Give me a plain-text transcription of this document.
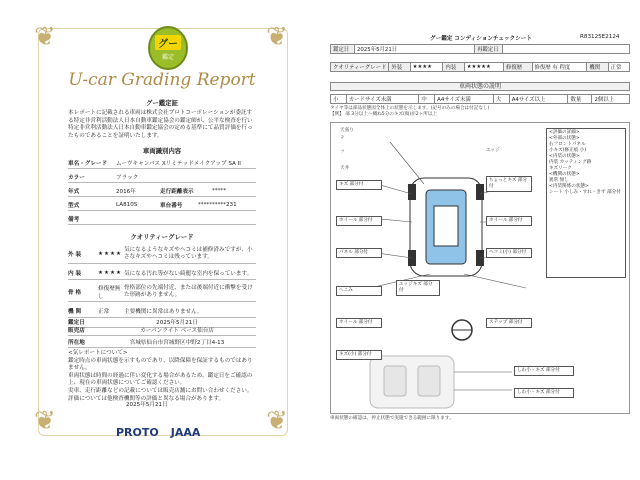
❦	❦
❦	❦
グー
鑑定
U-car Grading Report
グー鑑定証
本レポートに記載される車両は株式会社プロトコーポレーションが委託する特定非営利活動法人日本自動車鑑定協会の鑑定師が、公平な検査を行い特定非営利活動法人日本自動車鑑定協会の定める基準にて品質評価を行ったものであることを証明いたします。
車両識別内容
車名・グレード	ムーヴキャンバス Xリミテッドメイクアップ SA II
カラー	ブラック
年式	2016年	走行距離表示	*****
型式	LA810S	車台番号	**********231
備考
クオリティーグレード
外 装	★★★★
気になるようなキズやヘコミは補修済みですが、小さなキズやヘコミは残っています。
内 装	★★★★ 気になる汚れ等がない綺麗な室内を保っています。
骨 格
修復歴無し
骨格部位の先端付近、または後端付近に衝撃を受けた形跡がありません。
機 関	正常	主要機関に異常はありません。
鑑定日	2025年5月21日
販売店	カーパンライト ベース仙台店
所在地	宮城県仙台市宮城野区中野2丁目4-13
<気レポートについて>
鑑定時点の車両状態を示すものであり、以降保障を保証するものではありません。
車両状態は時間の経過に伴い変化する場合があるため、鑑定日をご確認の上、現在の車両状態についてご確認ください。
実車、走行距離などの記載については販売店舗にお問い合わせください。
評価については他検査機関等の評価と異なる場合があります。
2025年5月21日
PROTO JAAA
グー鑑定 コンディションチェックシート	R83125E2124
鑑定日	2025年5月21日	再鑑定日	
クオリティーグレード	外装	★★★★	内装	★★★★★	修復歴	修復歴 有 程度	機関	正常
車両状態の説明
小	カードサイズ未満	中	A4サイズ未満	大	A4サイズ以上	数量	2個以上
タイヤ等は部品状態図全体上の状態を示します。(記号のみの場合は付記なし)
【例】 部 3分以上〜概ね5分のキズ(傷)が2ヶ所以上
天張り
テ
フ
天井
キズ 部分付
ホイール 部分付
パネル 部分付
へこみ
エッジ
ちょっとキズ 部分付
ホイール 部分付
ヘコミ(小) 部分付
エッジキズ 部分付
ホイール 部分付	ステップ 部分付
キズ(小) 部分付
しわ小・キズ 部分付
しわ小・キズ 部分付
<評価の詳細>
<外部の状態>
右フロントパネル
小キズ(修正痕 小)
<内装の状態>
内装 カッティング跡
キズリーク
<機関の状態>
異常 無し
<内装関係の状態>
シート 小しみ・すれ・きず 部分付
車両状態の確認は、停止状態で実施できる範囲に限ります。
